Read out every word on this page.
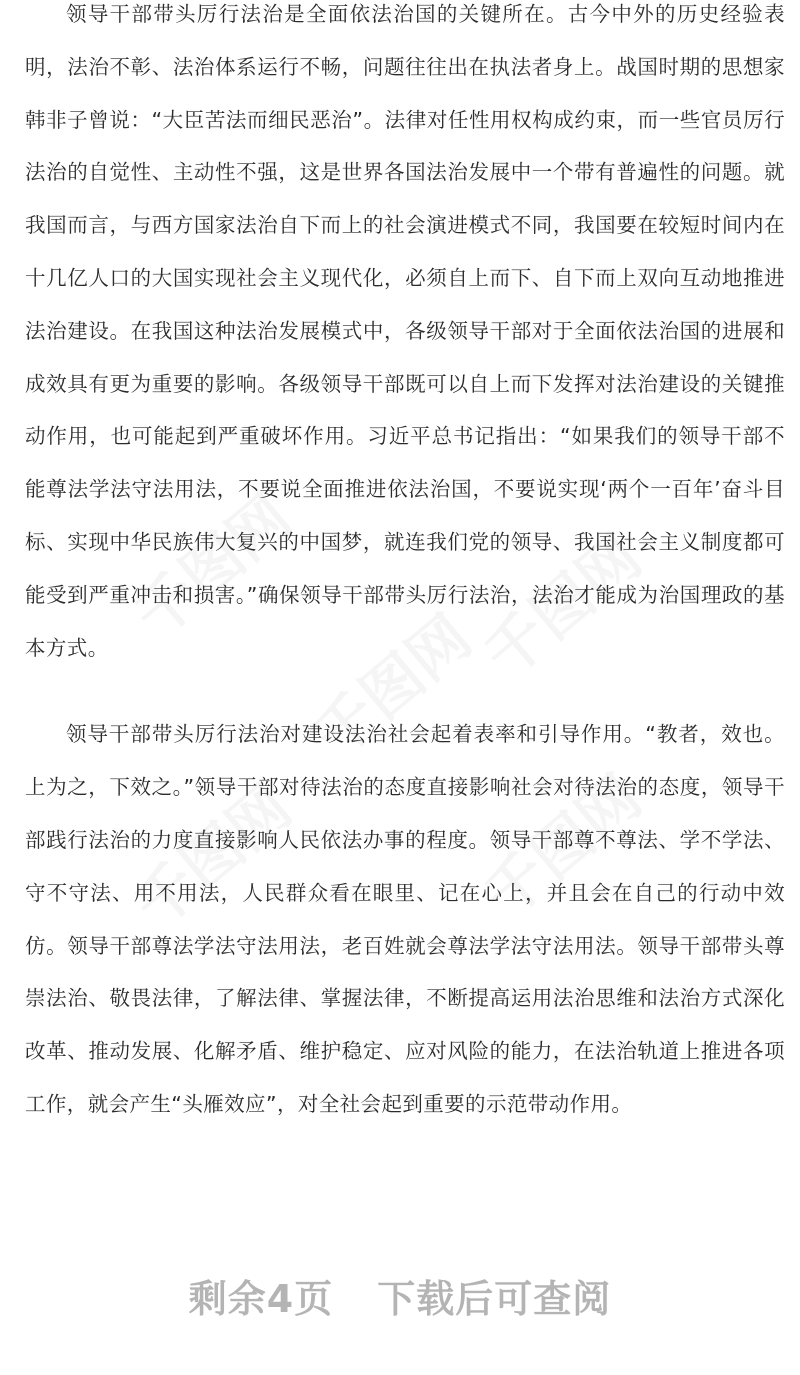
千图网	千图网
千图网
千图网	千图网

领导干部带头厉行法治是全面依法治国的关键所在。古今中外的历史经验表明，法治不彰、法治体系运行不畅，问题往往出在执法者身上。战国时期的思想家韩非子曾说：“大臣苦法而细民恶治”。法律对任性用权构成约束，而一些官员厉行法治的自觉性、主动性不强，这是世界各国法治发展中一个带有普遍性的问题。就我国而言，与西方国家法治自下而上的社会演进模式不同，我国要在较短时间内在十几亿人口的大国实现社会主义现代化，必须自上而下、自下而上双向互动地推进法治建设。在我国这种法治发展模式中，各级领导干部对于全面依法治国的进展和成效具有更为重要的影响。各级领导干部既可以自上而下发挥对法治建设的关键推动作用，也可能起到严重破坏作用。习近平总书记指出：“如果我们的领导干部不能尊法学法守法用法，不要说全面推进依法治国，不要说实现‘两个一百年’奋斗目标、实现中华民族伟大复兴的中国梦，就连我们党的领导、我国社会主义制度都可能受到严重冲击和损害。”确保领导干部带头厉行法治，法治才能成为治国理政的基本方式。

领导干部带头厉行法治对建设法治社会起着表率和引导作用。“教者，效也。上为之，下效之。”领导干部对待法治的态度直接影响社会对待法治的态度，领导干部践行法治的力度直接影响人民依法办事的程度。领导干部尊不尊法、学不学法、守不守法、用不用法，人民群众看在眼里、记在心上，并且会在自己的行动中效仿。领导干部尊法学法守法用法，老百姓就会尊法学法守法用法。领导干部带头尊崇法治、敬畏法律，了解法律、掌握法律，不断提高运用法治思维和法治方式深化改革、推动发展、化解矛盾、维护稳定、应对风险的能力，在法治轨道上推进各项工作，就会产生“头雁效应”，对全社会起到重要的示范带动作用。

剩余4页 下载后可查阅
